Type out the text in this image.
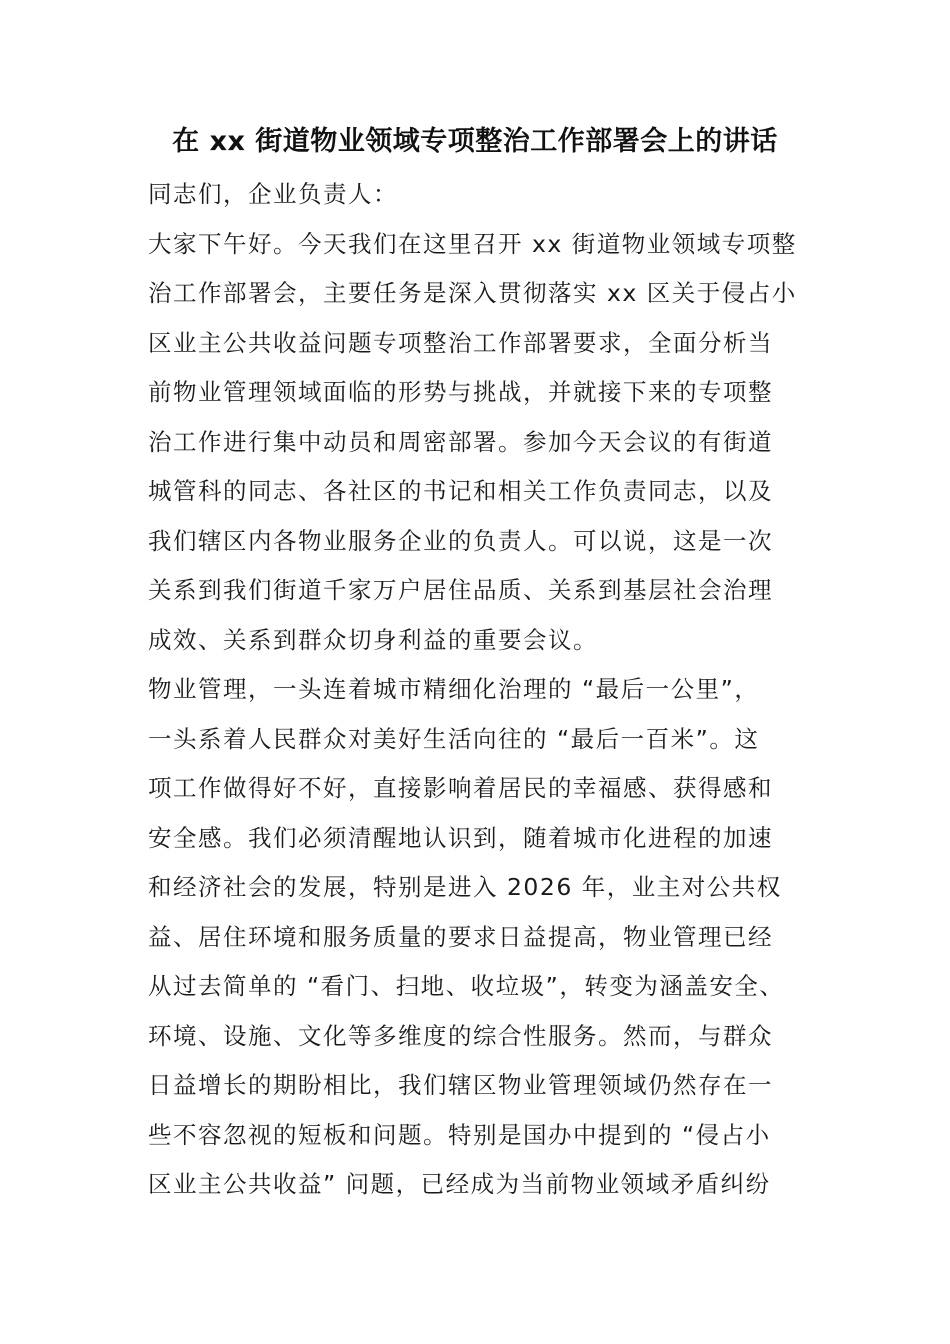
在 xx 街道物业领域专项整治工作部署会上的讲话
同志们，企业负责人：
大家下午好。今天我们在这里召开 xx 街道物业领域专项整
治工作部署会，主要任务是深入贯彻落实 xx 区关于侵占小
区业主公共收益问题专项整治工作部署要求，全面分析当
前物业管理领域面临的形势与挑战，并就接下来的专项整
治工作进行集中动员和周密部署。参加今天会议的有街道
城管科的同志、各社区的书记和相关工作负责同志，以及
我们辖区内各物业服务企业的负责人。可以说，这是一次
关系到我们街道千家万户居住品质、关系到基层社会治理
成效、关系到群众切身利益的重要会议。
物业管理，一头连着城市精细化治理的 “最后一公里”，
一头系着人民群众对美好生活向往的 “最后一百米”。这
项工作做得好不好，直接影响着居民的幸福感、获得感和
安全感。我们必须清醒地认识到，随着城市化进程的加速
和经济社会的发展，特别是进入 2026 年，业主对公共权
益、居住环境和服务质量的要求日益提高，物业管理已经
从过去简单的 “看门、扫地、收垃圾”，转变为涵盖安全、
环境、设施、文化等多维度的综合性服务。然而，与群众
日益增长的期盼相比，我们辖区物业管理领域仍然存在一
些不容忽视的短板和问题。特别是国办中提到的 “侵占小
区业主公共收益” 问题，已经成为当前物业领域矛盾纠纷
